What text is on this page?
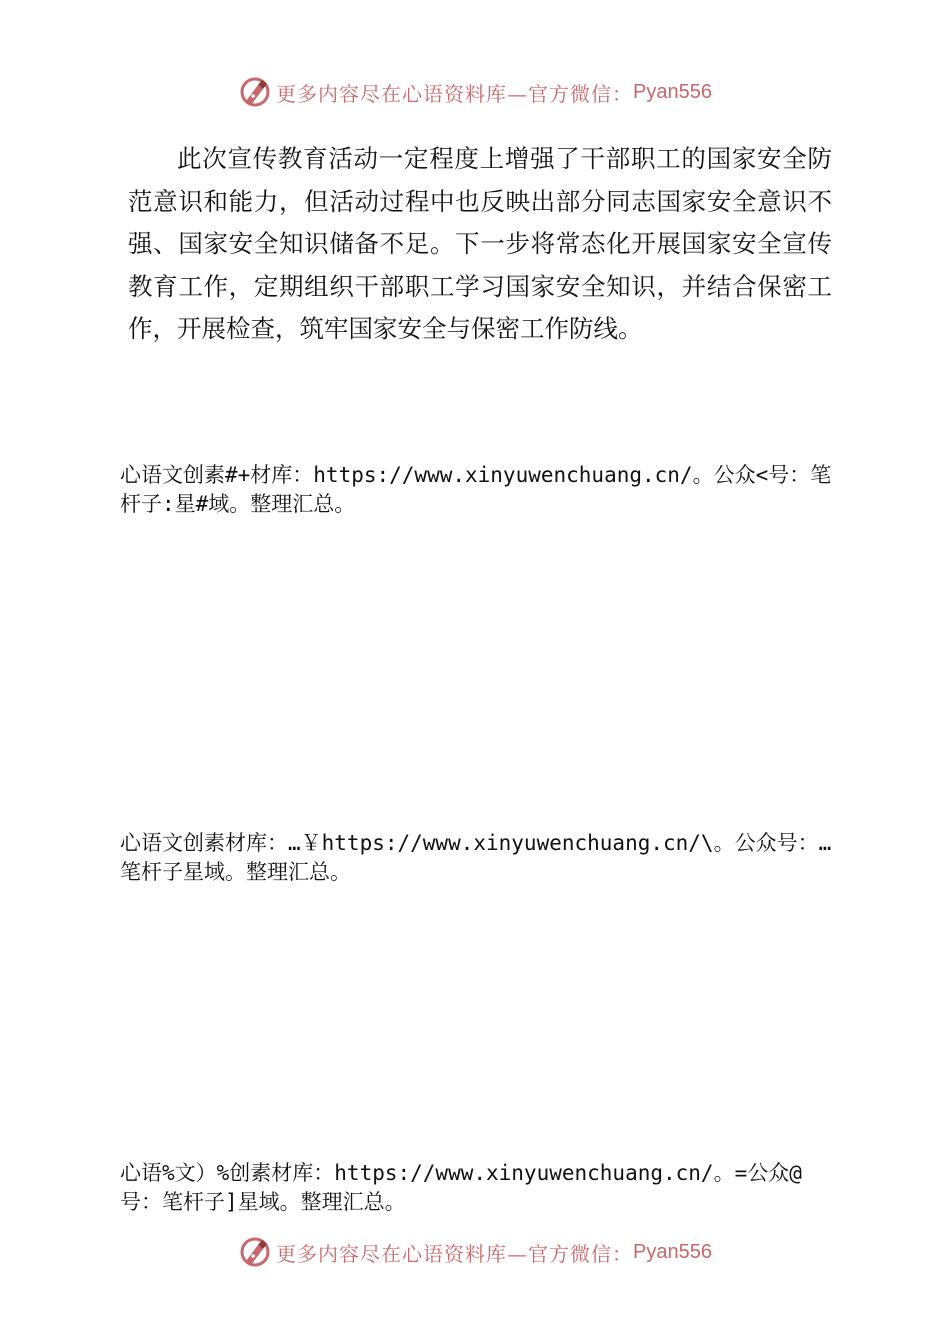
更多内容尽在心语资料库 —官方微信： Pyan556

此次宣传教育活动一定程度上增强了干部职工的国家安全防范意识和能力，但活动过程中也反映出部分同志国家安全意识不强、国家安全知识储备不足。下一步将常态化开展国家安全宣传教育工作，定期组织干部职工学习国家安全知识，并结合保密工作，开展检查，筑牢国家安全与保密工作防线。

心语文创素#+材库：https://www.xinyuwenchuang.cn/。公众<号：笔杆子:星#域。整理汇总。

心语文创素材库：…￥https://www.xinyuwenchuang.cn/\。公众号：…笔杆子星域。整理汇总。

心语%文）%创素材库：https://www.xinyuwenchuang.cn/。=公众@号：笔杆子]星域。整理汇总。

更多内容尽在心语资料库 —官方微信： Pyan556
